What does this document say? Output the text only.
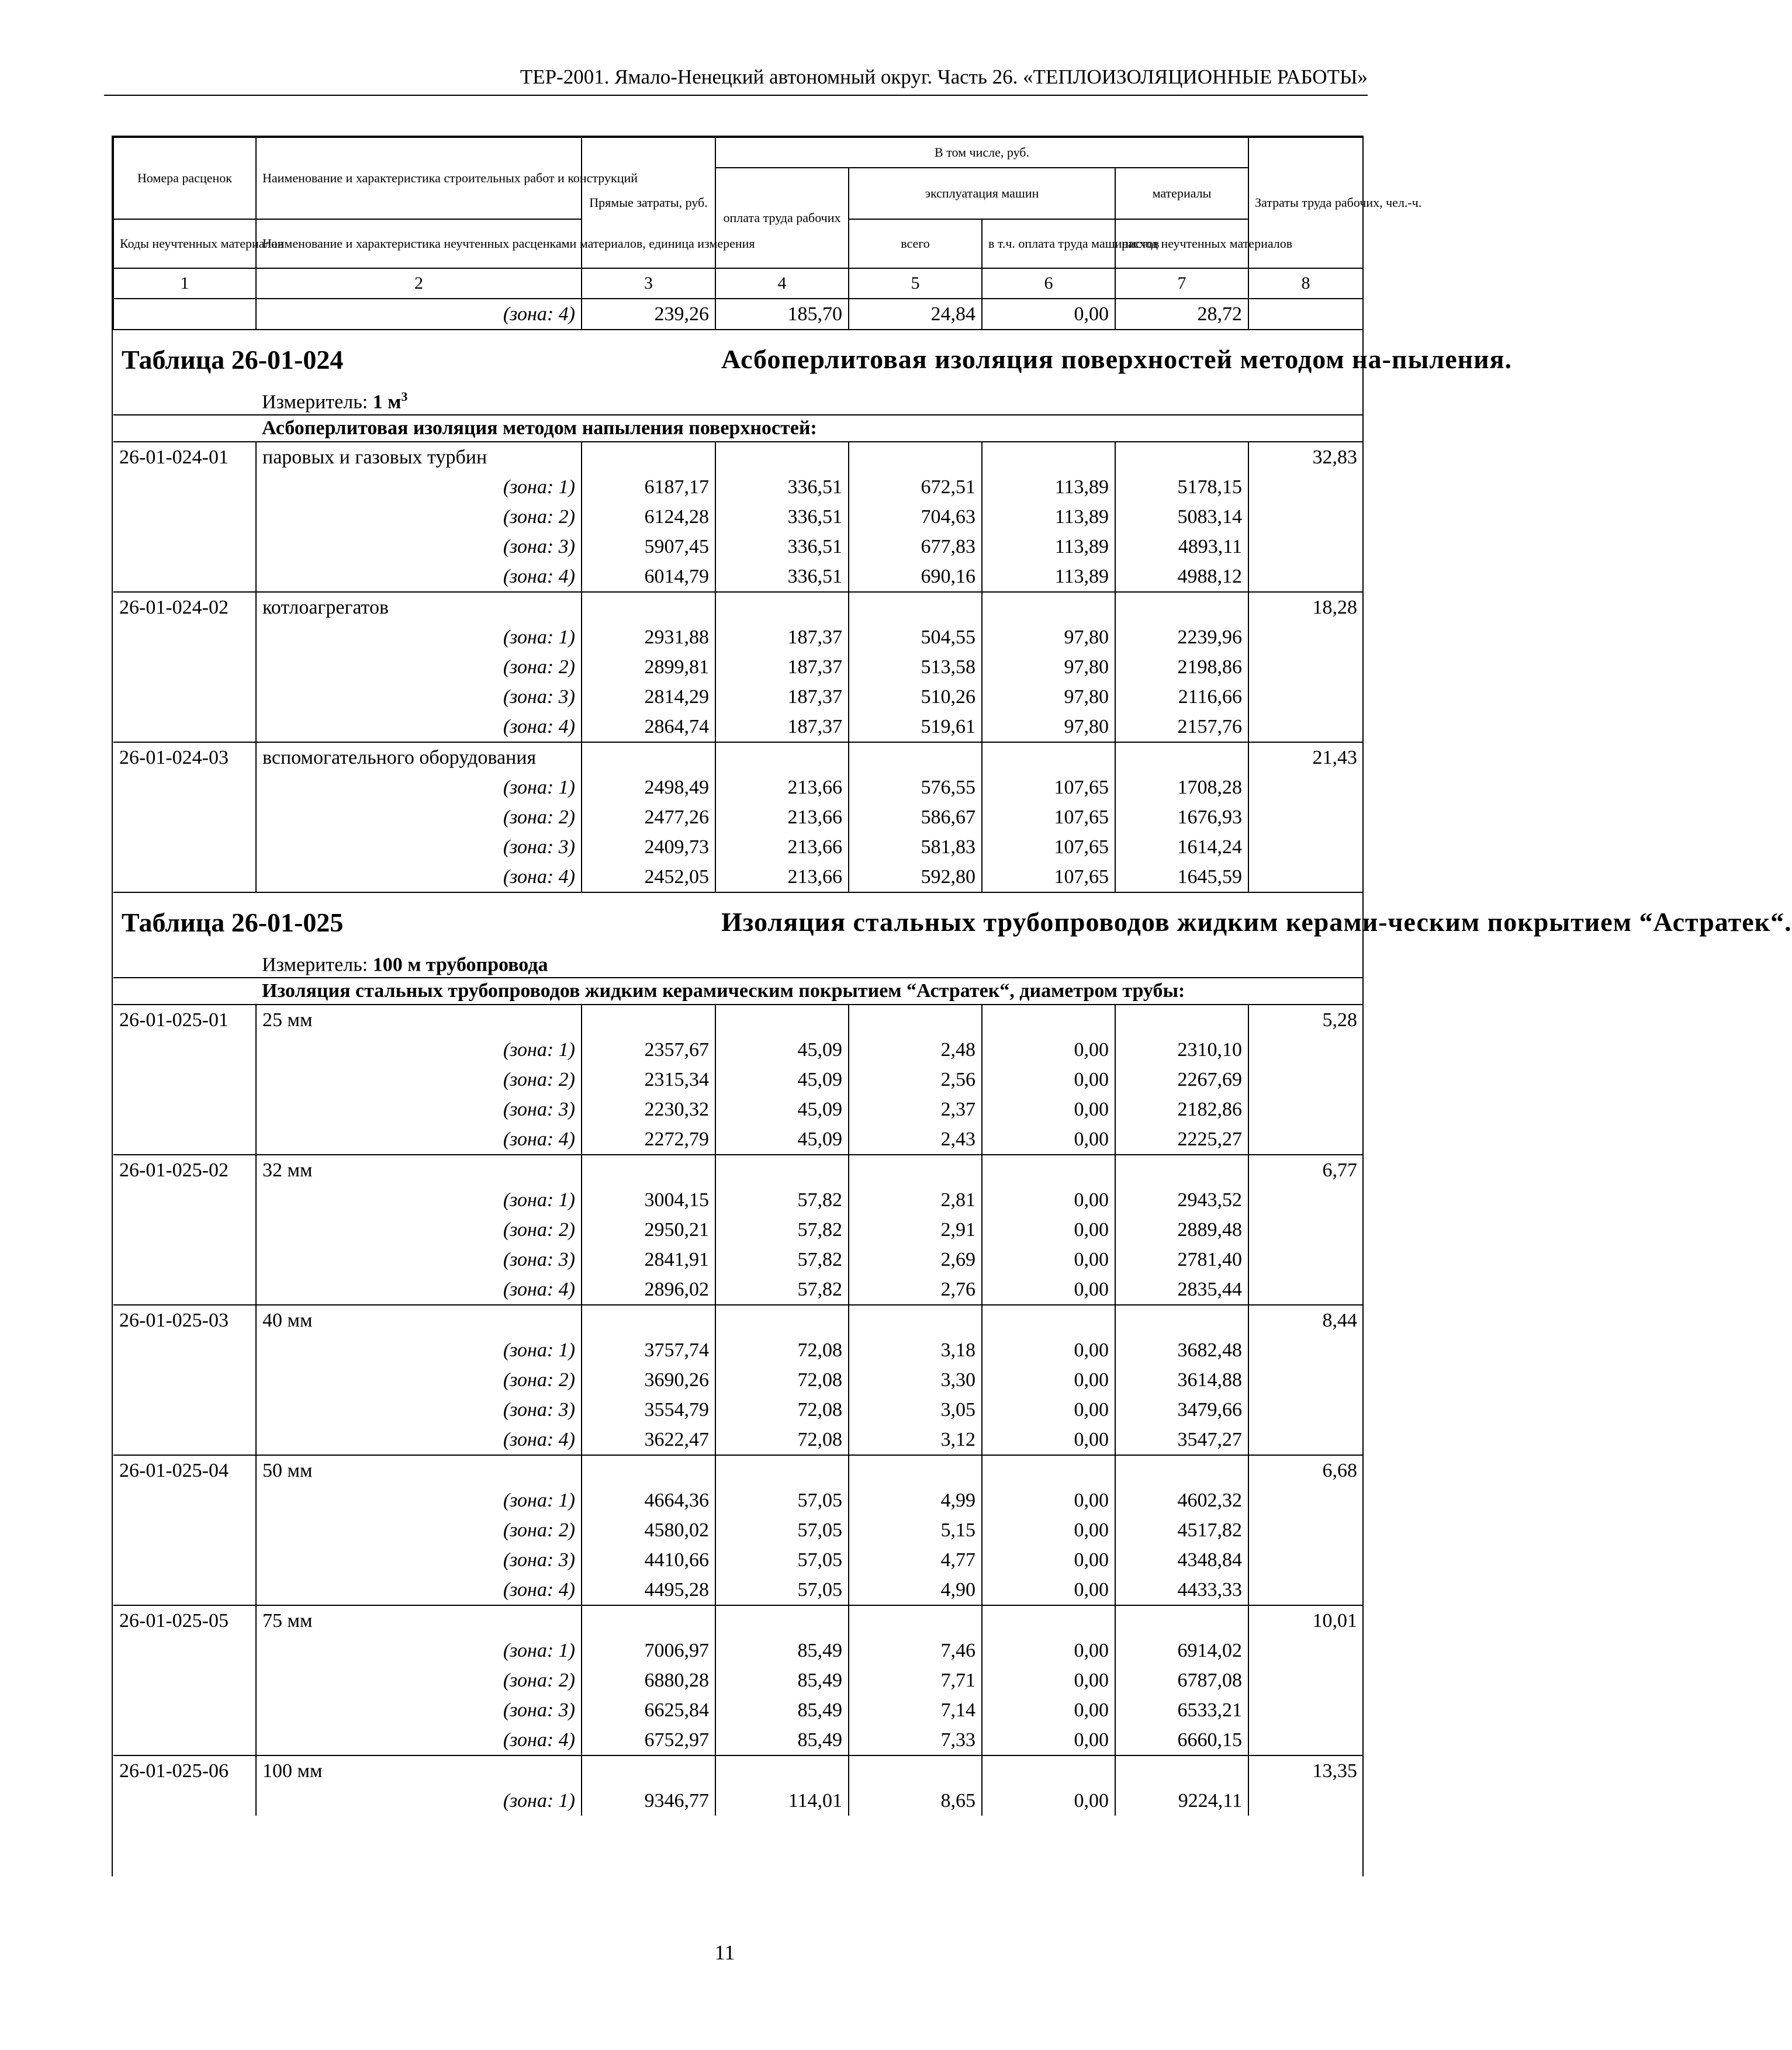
ТЕР-2001. Ямало-Ненецкий автономный округ. Часть 26. «ТЕПЛОИЗОЛЯЦИОННЫЕ РАБОТЫ»
Номера расценок	Наименование и характеристика строительных работ и конструкций	Прямые затраты, руб.	В том числе, руб.				Затраты труда рабочих, чел.-ч.
			оплата труда рабочих	эксплуатация машин		материалы	
Коды неучтенных материалов	Наименование и характеристика неучтенных расценками материалов, единица измерения			всего	в т.ч. оплата труда машинистов	расход неучтенных материалов	
1	2	3	4	5	6	7	8
	(зона: 4)	239,26	185,70	24,84	0,00	28,72	
Таблица 26-01-024			Асбоперлитовая изоляция поверхностей методом на-пыления.				
	Измеритель: 1 $м^3$
	Асбоперлитовая изоляция методом напыления поверхностей:						
26-01-024-01	паровых и газовых турбин						32,83
	(зона: 1)	6187,17	336,51	672,51	113,89	5178,15	
	(зона: 2)	6124,28	336,51	704,63	113,89	5083,14	
	(зона: 3)	5907,45	336,51	677,83	113,89	4893,11	
	(зона: 4)	6014,79	336,51	690,16	113,89	4988,12	
26-01-024-02	котлоагрегатов						18,28
	(зона: 1)	2931,88	187,37	504,55	97,80	2239,96	
	(зона: 2)	2899,81	187,37	513,58	97,80	2198,86	
	(зона: 3)	2814,29	187,37	510,26	97,80	2116,66	
	(зона: 4)	2864,74	187,37	519,61	97,80	2157,76	
26-01-024-03	вспомогательного оборудования						21,43
	(зона: 1)	2498,49	213,66	576,55	107,65	1708,28	
	(зона: 2)	2477,26	213,66	586,67	107,65	1676,93	
	(зона: 3)	2409,73	213,66	581,83	107,65	1614,24	
	(зона: 4)	2452,05	213,66	592,80	107,65	1645,59	
Таблица 26-01-025			Изоляция стальных трубопроводов жидким керами-ческим покрытием “Астратек“.				
	Измеритель: 100 м трубопровода						
	Изоляция стальных трубопроводов жидким керамическим покрытием “Астратек“, диаметром трубы:						
26-01-025-01	25 мм						5,28
	(зона: 1)	2357,67	45,09	2,48	0,00	2310,10	
	(зона: 2)	2315,34	45,09	2,56	0,00	2267,69	
	(зона: 3)	2230,32	45,09	2,37	0,00	2182,86	
	(зона: 4)	2272,79	45,09	2,43	0,00	2225,27	
26-01-025-02	32 мм						6,77
	(зона: 1)	3004,15	57,82	2,81	0,00	2943,52	
	(зона: 2)	2950,21	57,82	2,91	0,00	2889,48	
	(зона: 3)	2841,91	57,82	2,69	0,00	2781,40	
	(зона: 4)	2896,02	57,82	2,76	0,00	2835,44	
26-01-025-03	40 мм						8,44
	(зона: 1)	3757,74	72,08	3,18	0,00	3682,48	
	(зона: 2)	3690,26	72,08	3,30	0,00	3614,88	
	(зона: 3)	3554,79	72,08	3,05	0,00	3479,66	
	(зона: 4)	3622,47	72,08	3,12	0,00	3547,27	
26-01-025-04	50 мм						6,68
	(зона: 1)	4664,36	57,05	4,99	0,00	4602,32	
	(зона: 2)	4580,02	57,05	5,15	0,00	4517,82	
	(зона: 3)	4410,66	57,05	4,77	0,00	4348,84	
	(зона: 4)	4495,28	57,05	4,90	0,00	4433,33	
26-01-025-05	75 мм						10,01
	(зона: 1)	7006,97	85,49	7,46	0,00	6914,02	
	(зона: 2)	6880,28	85,49	7,71	0,00	6787,08	
	(зона: 3)	6625,84	85,49	7,14	0,00	6533,21	
	(зона: 4)	6752,97	85,49	7,33	0,00	6660,15	
26-01-025-06	100 мм						13,35
	(зона: 1)	9346,77	114,01	8,65	0,00	9224,11	
11
